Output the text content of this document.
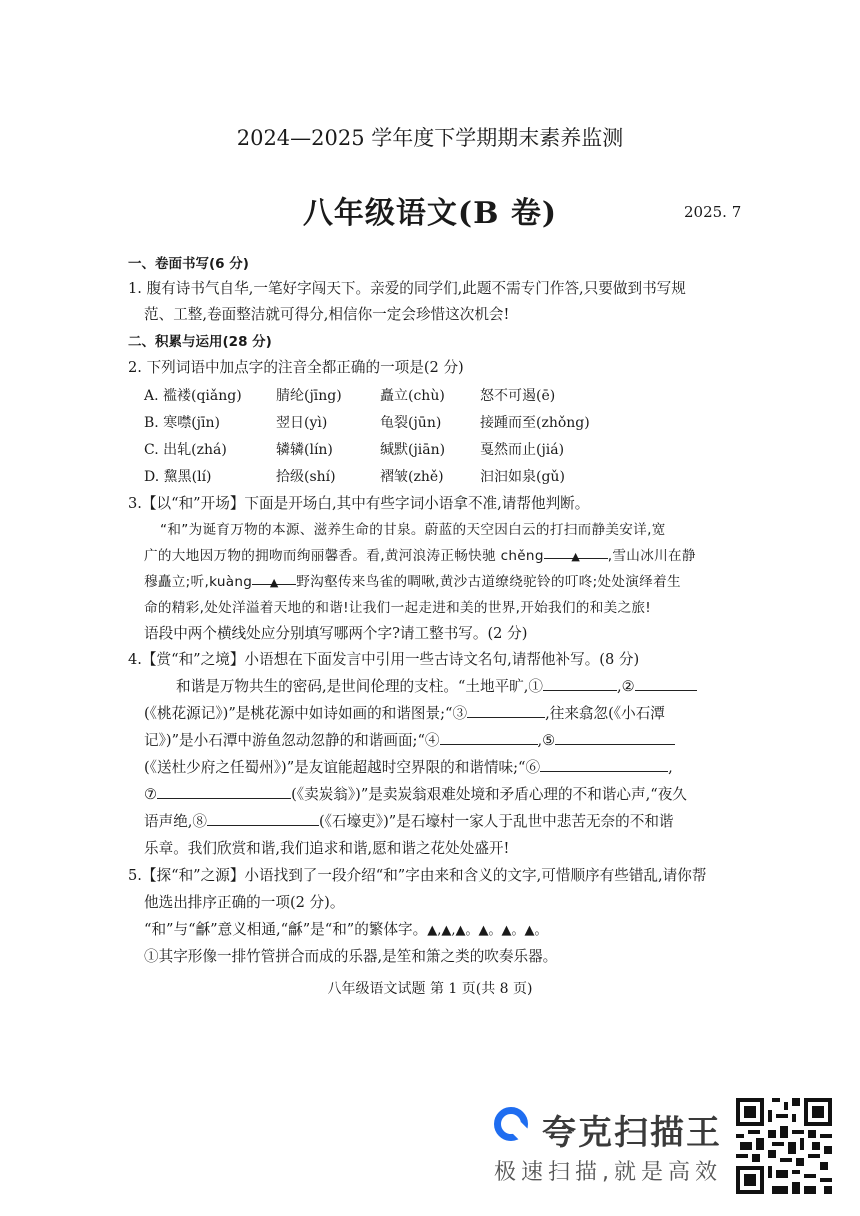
2024—2025 学年度下学期期末素养监测
八年级语文(B 卷)	2025. 7
一、卷面书写(6 分)
1. 腹有诗书气自华,一笔好字闯天下。亲爱的同学们,此题不需专门作答,只要做到书写规
范、工整,卷面整洁就可得分,相信你一定会珍惜这次机会!
二、积累与运用(28 分)
2. 下列词语中加点字的注音全都正确的一项是(2 分)
A. 褴褛(qiǎng) 腈纶(jīng)	矗立(chù)	怒不可遏(ē)
B. 寒噤(jīn)	翌日(yì)	龟裂(jūn)	接踵而至(zhǒng)
C. 出轧(zhá)	辚辚(lín)	缄默(jiān) 戛然而止(jiá)
D. 黧黑(lí)	拾级(shí)	褶皱(zhě)	汩汩如泉(gǔ)
3.【以“和”开场】下面是开场白,其中有些字词小语拿不准,请帮他判断。
“和”为诞育万物的本源、滋养生命的甘泉。蔚蓝的天空因白云的打扫而静美安详,宽
广的大地因万物的拥吻而绚丽馨香。看,黄河浪涛正畅快驰 chěng	▲ ,雪山冰川在静
穆矗立;听,kuàng ▲ 野沟壑传来鸟雀的啁啾,黄沙古道缭绕驼铃的叮咚;处处演绎着生
命的精彩,处处洋溢着天地的和谐!让我们一起走进和美的世界,开始我们的和美之旅!
语段中两个横线处应分别填写哪两个字?请工整书写。(2 分)
4.【赏“和”之境】小语想在下面发言中引用一些古诗文名句,请帮他补写。(8 分)
和谐是万物共生的密码,是世间伦理的支柱。“土地平旷,①	,②
(《桃花源记》)”是桃花源中如诗如画的和谐图景;“③	,往来翕忽(《小石潭
记》)”是小石潭中游鱼忽动忽静的和谐画面;“④	,⑤
(《送杜少府之任蜀州》)”是友谊能超越时空界限的和谐情味;“⑥	,
⑦	(《卖炭翁》)”是卖炭翁艰难处境和矛盾心理的不和谐心声,“夜久
语声绝,⑧	(《石壕吏》)”是石壕村一家人于乱世中悲苦无奈的不和谐
乐章。我们欣赏和谐,我们追求和谐,愿和谐之花处处盛开!
5.【探“和”之源】小语找到了一段介绍“和”字由来和含义的文字,可惜顺序有些错乱,请你帮
他选出排序正确的一项(2 分)。
“和”与“龢”意义相通,“龢”是“和”的繁体字。▲,▲,▲。▲。▲。▲。
①其字形像一排竹管拼合而成的乐器,是笙和箫之类的吹奏乐器。
八年级语文试题 第 1 页(共 8 页)
夸克扫描王
极速扫描,就是高效
